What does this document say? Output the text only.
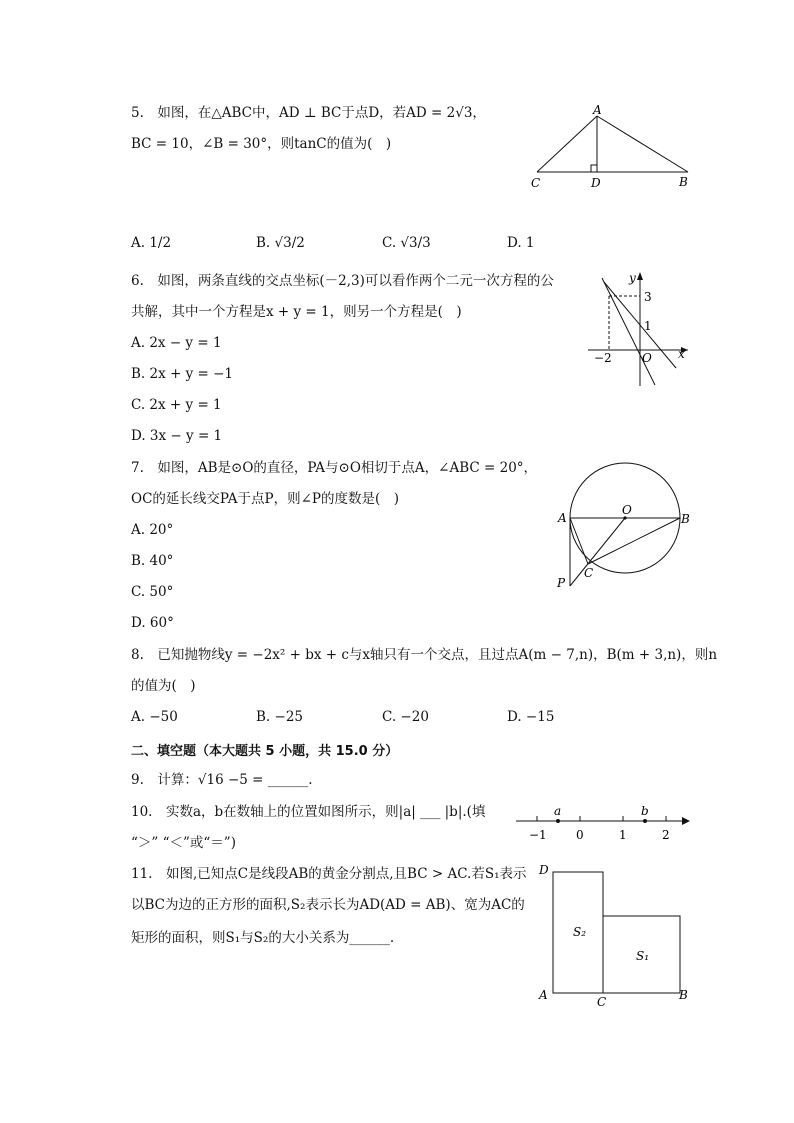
5.　如图，在△ABC中，AD ⊥ BC于点D，若AD = 2√3，
BC = 10，∠B = 30°，则tanC的值为(　)
A
C	D	B
A. 1/2	B. √3/2	C. √3/3	D. 1
6.　如图，两条直线的交点坐标(－2,3)可以看作两个二元一次方程的公
共解，其中一个方程是x + y = 1，则另一个方程是(　)
A. 2x − y = 1
B. 2x + y = −1
C. 2x + y = 1
D. 3x − y = 1
y
x
3
1
−2	O
7.　如图，AB是⊙O的直径，PA与⊙O相切于点A，∠ABC = 20°，
OC的延长线交PA于点P，则∠P的度数是(　)
A. 20°
B. 40°
C. 50°
D. 60°
A	B
O
C
P
8.　已知抛物线y = −2x² + bx + c与x轴只有一个交点，且过点A(m − 7,n)，B(m + 3,n)，则n
的值为(　)
A. −50	B. −25	C. −20	D. −15
二、填空题（本大题共 5 小题，共 15.0 分）
9.　计算：√16 −5 = ______.
10.　实数a，b在数轴上的位置如图所示，则|a| ___ |b|.(填
“＞” “＜”或“＝”)
a	b
−1 0	1	2
11.　如图,已知点C是线段AB的黄金分割点,且BC > AC.若S₁表示
以BC为边的正方形的面积,S₂表示长为AD(AD = AB)、宽为AC的
矩形的面积，则S₁与S₂的大小关系为______.
D
S₂
S₁
A	C	B
